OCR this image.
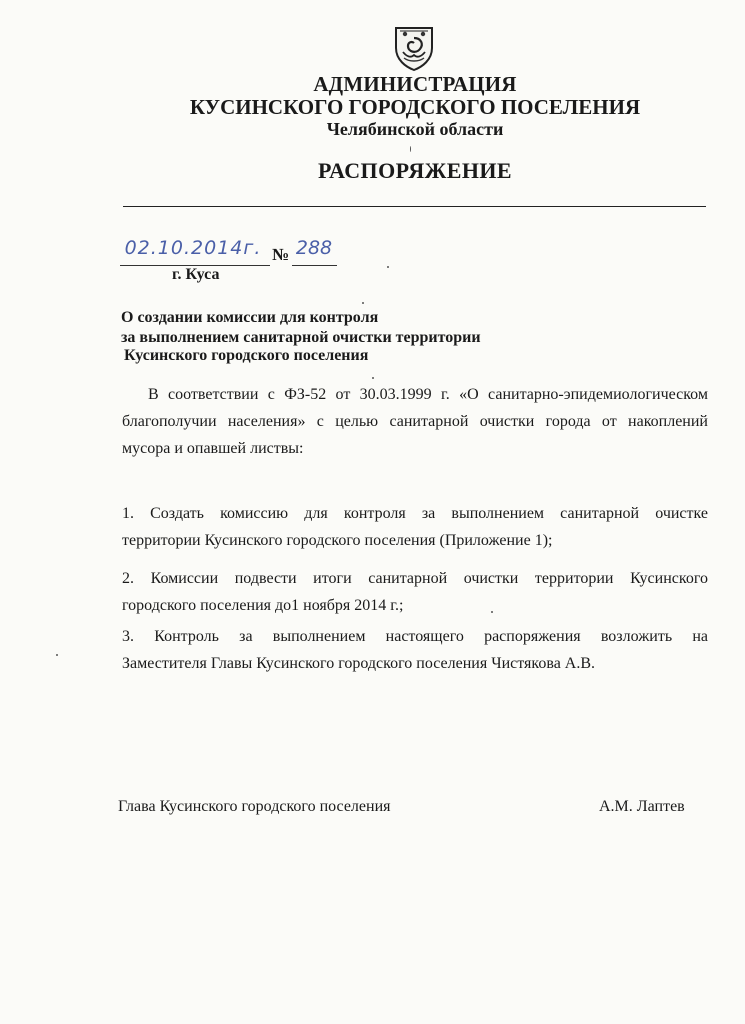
АДМИНИСТРАЦИЯ
КУСИНСКОГО ГОРОДСКОГО ПОСЕЛЕНИЯ
Челябинской области
РАСПОРЯЖЕНИЕ
02.10.2014г. № 288
г. Куса
О создании комиссии для контроля
за выполнением санитарной очистки территории
Кусинского городского поселения
В соответствии с ФЗ-52 от 30.03.1999 г. «О санитарно-эпидемиологическом
благополучии населения» с целью санитарной очистки города от накоплений
мусора и опавшей листвы:
1. Создать комиссию для контроля за выполнением санитарной очистке
территории Кусинского городского поселения (Приложение 1);
2. Комиссии подвести итоги санитарной очистки территории Кусинского
городского поселения до1 ноября 2014 г.;
3. Контроль за выполнением настоящего распоряжения возложить на
Заместителя Главы Кусинского городского поселения Чистякова А.В.
Глава Кусинского городского поселения	А.М. Лаптев
